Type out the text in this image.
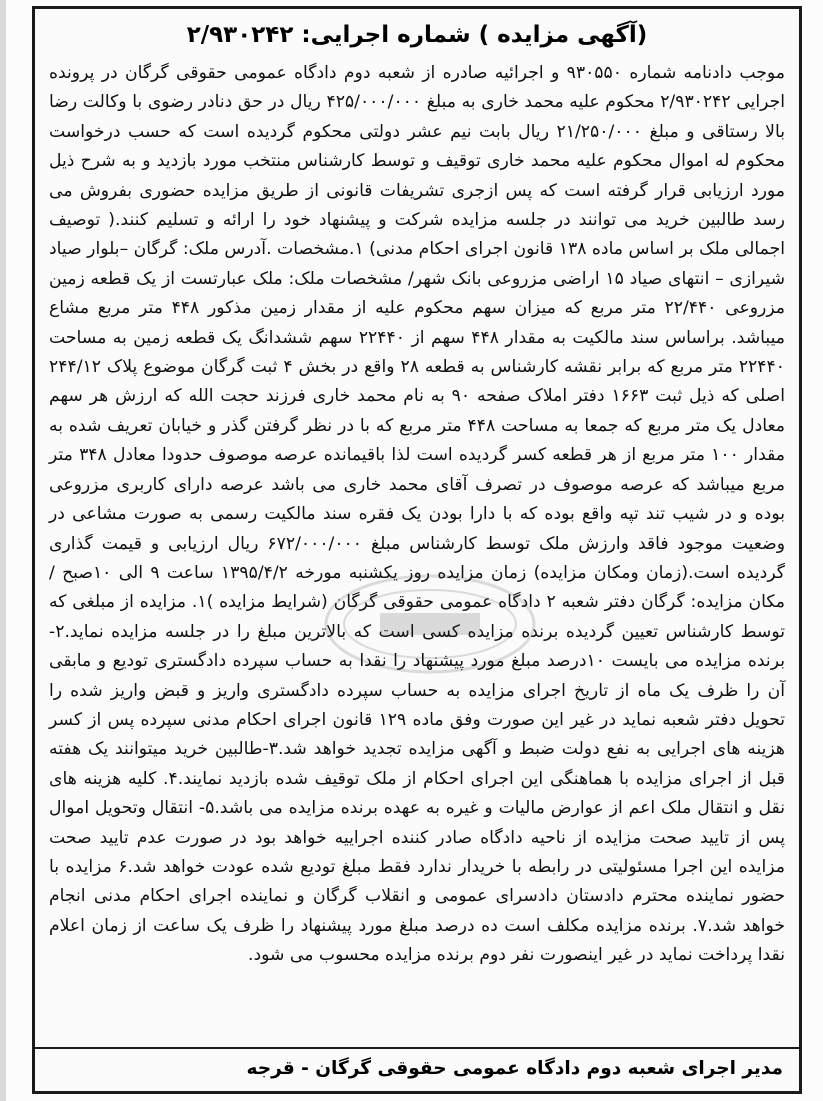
(آگهی مزایده ) شماره اجرایی: ۲/۹۳۰۲۴۲
موجب دادنامه شماره ۹۳۰۵۵۰ و اجرائیه صادره از شعبه دوم دادگاه عمومی حقوقی گرگان در پرونده اجرایی ۲/۹۳۰۲۴۲ محکوم علیه محمد خاری به مبلغ ۴۲۵/۰۰۰/۰۰۰ ریال در حق دنادر رضوی با وکالت رضا بالا رستاقی و مبلغ ۲۱/۲۵۰/۰۰۰ ریال بابت نیم عشر دولتی محکوم گردیده است که حسب درخواست محکوم له اموال محکوم علیه محمد خاری توقیف و توسط کارشناس منتخب مورد بازدید و به شرح ذیل مورد ارزیابی قرار گرفته است که پس ازجری تشریفات قانونی از طریق مزایده حضوری بفروش می رسد طالبین خرید می توانند در جلسه مزایده شرکت و پیشنهاد خود را ارائه و تسلیم کنند.( توصیف اجمالی ملک بر اساس ماده ۱۳۸ قانون اجرای احکام مدنی) ۱.مشخصات .آدرس ملک: گرگان –بلوار صیاد شیرازی – انتهای صیاد ۱۵ اراضی مزروعی بانک شهر/ مشخصات ملک: ملک عبارتست از یک قطعه زمین مزروعی ۲۲/۴۴۰ متر مربع که میزان سهم محکوم علیه از مقدار زمین مذکور ۴۴۸ متر مربع مشاع میباشد. براساس سند مالکیت به مقدار ۴۴۸ سهم از ۲۲۴۴۰ سهم ششدانگ یک قطعه زمین به مساحت ۲۲۴۴۰ متر مربع که برابر نقشه کارشناس به قطعه ۲۸ واقع در بخش ۴ ثبت گرگان موضوع پلاک ۲۴۴/۱۲ اصلی که ذیل ثبت ۱۶۶۳ دفتر املاک صفحه ۹۰ به نام محمد خاری فرزند حجت الله که ارزش هر سهم معادل یک متر مربع که جمعا به مساحت ۴۴۸ متر مربع که با در نظر گرفتن گذر و خیابان تعریف شده به مقدار ۱۰۰ متر مربع از هر قطعه کسر گردیده است لذا باقیمانده عرصه موصوف حدودا معادل ۳۴۸ متر مربع میباشد که عرصه موصوف در تصرف آقای محمد خاری می باشد عرصه دارای کاربری مزروعی بوده و در شیب تند تپه واقع بوده که با دارا بودن یک فقره سند مالکیت رسمی به صورت مشاعی در وضعیت موجود فاقد وارزش ملک توسط کارشناس مبلغ ۶۷۲/۰۰۰/۰۰۰ ریال ارزیابی و قیمت گذاری گردیده است.(زمان ومکان مزایده) زمان مزایده روز یکشنبه مورخه ۱۳۹۵/۴/۲ ساعت ۹ الی ۱۰صبح / مکان مزایده: گرگان دفتر شعبه ۲ دادگاه عمومی حقوقی گرگان (شرایط مزایده )۱. مزایده از مبلغی که توسط کارشناس تعیین گردیده برنده مزایده کسی است که بالاترین مبلغ را در جلسه مزایده نماید.۲-برنده مزایده می بایست ۱۰درصد مبلغ مورد پیشنهاد را نقدا به حساب سپرده دادگستری تودیع و مابقی آن را ظرف یک ماه از تاریخ اجرای مزایده به حساب سپرده دادگستری واریز و قبض واریز شده را تحویل دفتر شعبه نماید در غیر این صورت وفق ماده ۱۲۹ قانون اجرای احکام مدنی سپرده پس از کسر هزینه های اجرایی به نفع دولت ضبط و آگهی مزایده تجدید خواهد شد.۳-طالبین خرید میتوانند یک هفته قبل از اجرای مزایده با هماهنگی این اجرای احکام از ملک توقیف شده بازدید نمایند.۴. کلیه هزینه های نقل و انتقال ملک اعم از عوارض مالیات و غیره به عهده برنده مزایده می باشد.۵- انتقال وتحویل اموال پس از تایید صحت مزایده از ناحیه دادگاه صادر کننده اجراییه خواهد بود در صورت عدم تایید صحت مزایده این اجرا مسئولیتی در رابطه با خریدار ندارد فقط مبلغ تودیع شده عودت خواهد شد.۶ مزایده با حضور نماینده محترم دادستان دادسرای عمومی و انقلاب گرگان و نماینده اجرای احکام مدنی انجام خواهد شد.۷. برنده مزایده مکلف است ده درصد مبلغ مورد پیشنهاد را ظرف یک ساعت از زمان اعلام نقدا پرداخت نماید در غیر اینصورت نفر دوم برنده مزایده محسوب می شود.
مدیر اجرای شعبه دوم دادگاه عمومی حقوقی گرگان - قرجه
